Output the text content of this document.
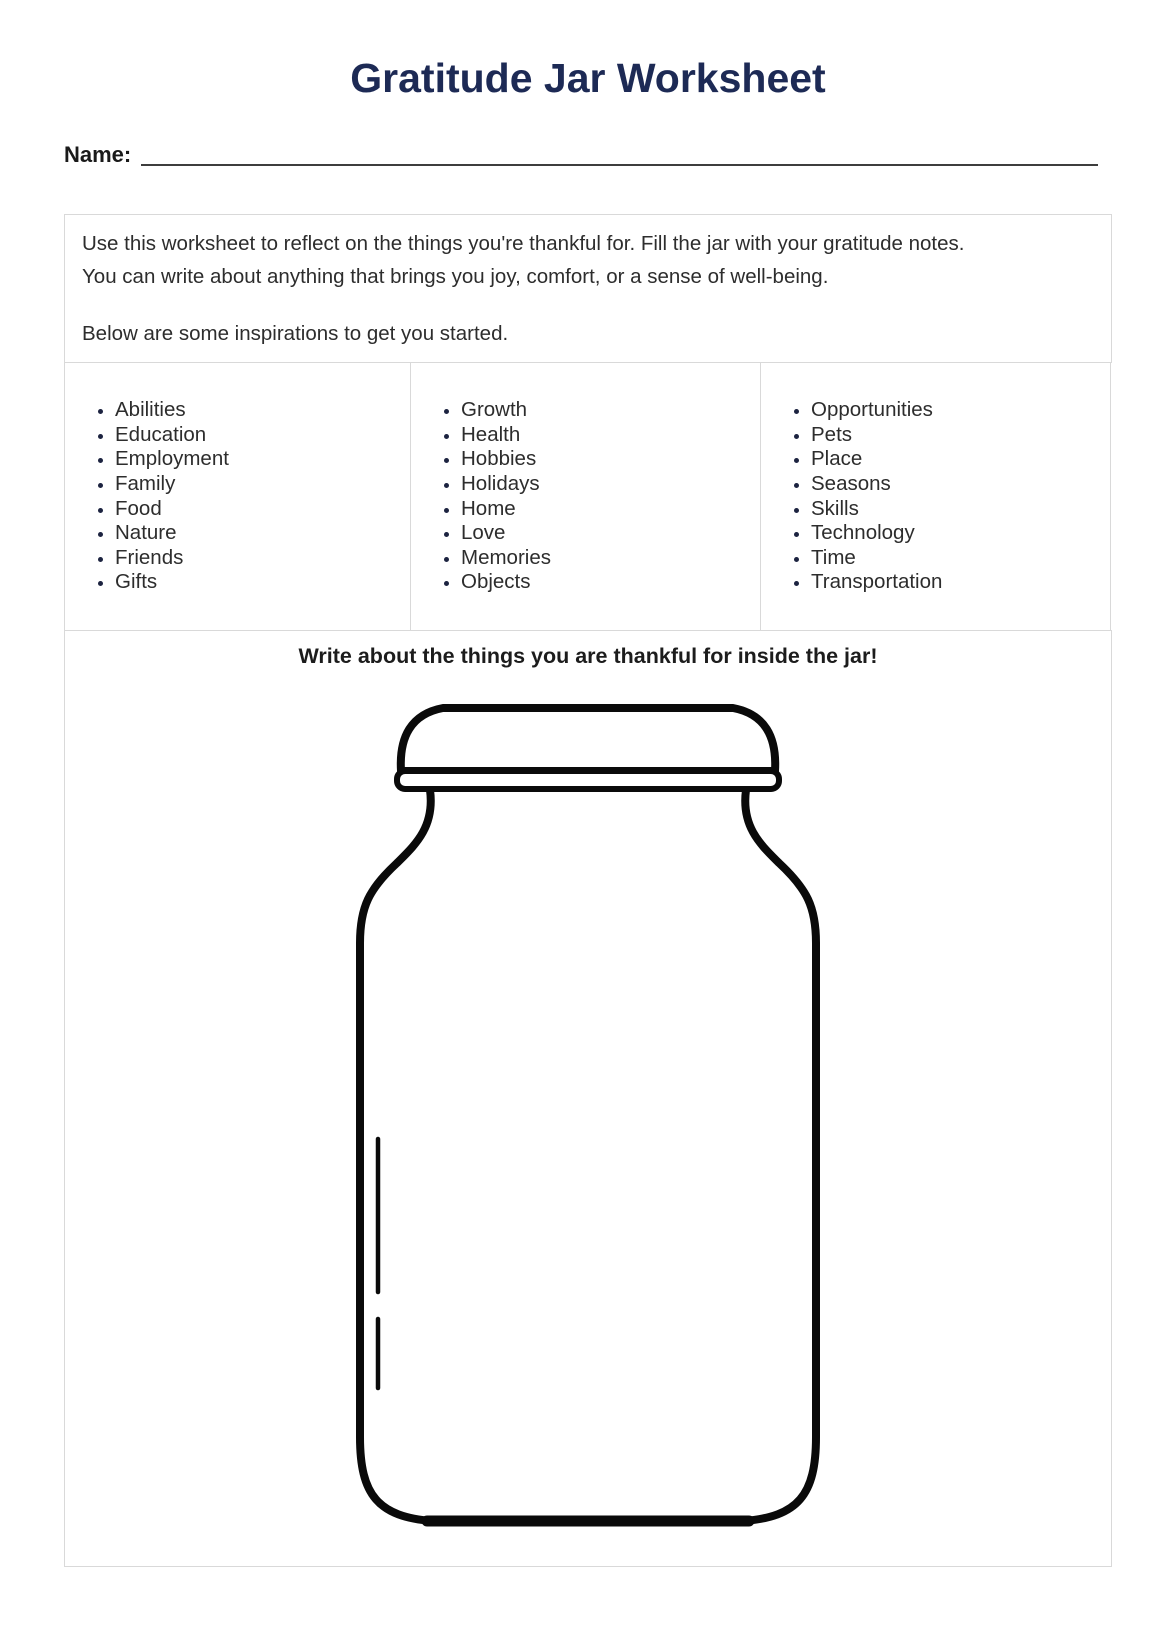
Gratitude Jar Worksheet
Name:

Use this worksheet to reflect on the things you're thankful for. Fill the jar with your gratitude notes.

You can write about anything that brings you joy, comfort, or a sense of well-being.

Below are some inspirations to get you started.

• Abilities
• Education
• Employment
• Family
• Food
• Nature
• Friends
• Gifts
• Growth
• Health
• Hobbies
• Holidays
• Home
• Love
• Memories
• Objects
• Opportunities
• Pets
• Place
• Seasons
• Skills
• Technology
• Time
• Transportation
Write about the things you are thankful for inside the jar!
